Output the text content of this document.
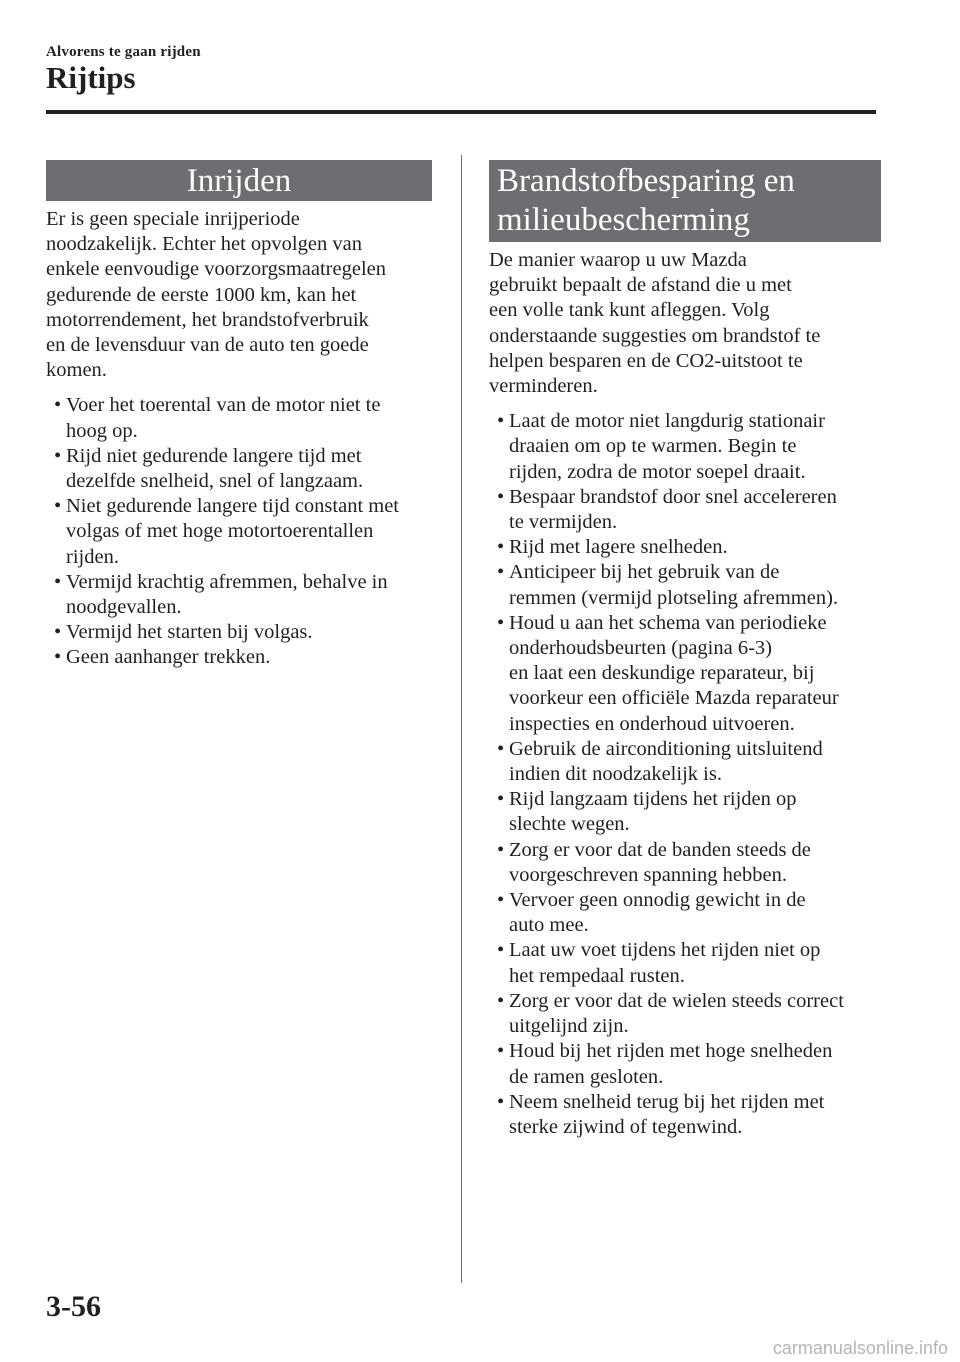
Alvorens te gaan rijden
Rijtips
Inrijden

Er is geen speciale inrijperiode
noodzakelijk. Echter het opvolgen van
enkele eenvoudige voorzorgsmaatregelen
gedurende de eerste 1000 km, kan het
motorrendement, het brandstofverbruik
en de levensduur van de auto ten goede
komen.

• Voer het toerental van de motor niet te
hoog op.
• Rijd niet gedurende langere tijd met
dezelfde snelheid, snel of langzaam.
• Niet gedurende langere tijd constant met
volgas of met hoge motortoerentallen
rijden.
• Vermijd krachtig afremmen, behalve in
noodgevallen.
• Vermijd het starten bij volgas.
• Geen aanhanger trekken.
Brandstofbesparing en
milieubescherming

De manier waarop u uw Mazda
gebruikt bepaalt de afstand die u met
een volle tank kunt afleggen. Volg
onderstaande suggesties om brandstof te
helpen besparen en de CO2-uitstoot te
verminderen.

• Laat de motor niet langdurig stationair
draaien om op te warmen. Begin te
rijden, zodra de motor soepel draait.
• Bespaar brandstof door snel accelereren
te vermijden.
• Rijd met lagere snelheden.
• Anticipeer bij het gebruik van de
remmen (vermijd plotseling afremmen).
• Houd u aan het schema van periodieke
onderhoudsbeurten (pagina 6-3)
en laat een deskundige reparateur, bij
voorkeur een officiële Mazda reparateur
inspecties en onderhoud uitvoeren.
• Gebruik de airconditioning uitsluitend
indien dit noodzakelijk is.
• Rijd langzaam tijdens het rijden op
slechte wegen.
• Zorg er voor dat de banden steeds de
voorgeschreven spanning hebben.
• Vervoer geen onnodig gewicht in de
auto mee.
• Laat uw voet tijdens het rijden niet op
het rempedaal rusten.
• Zorg er voor dat de wielen steeds correct
uitgelijnd zijn.
• Houd bij het rijden met hoge snelheden
de ramen gesloten.
• Neem snelheid terug bij het rijden met
sterke zijwind of tegenwind.
3-56
carmanualsonline.info
